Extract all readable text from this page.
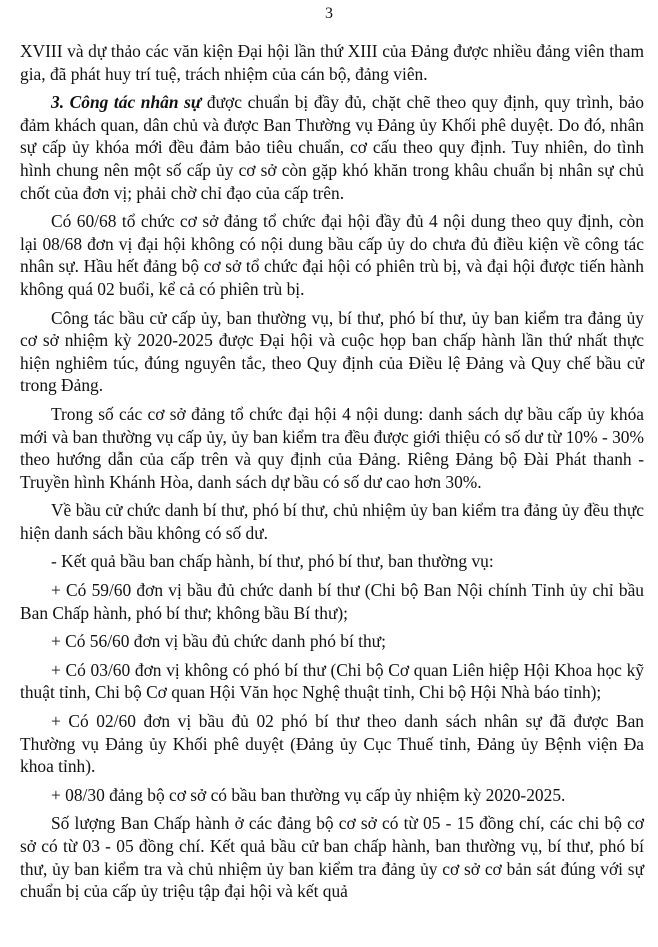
3

XVIII và dự thảo các văn kiện Đại hội lần thứ XIII của Đảng được nhiều đảng viên tham gia, đã phát huy trí tuệ, trách nhiệm của cán bộ, đảng viên.

3. Công tác nhân sự được chuẩn bị đầy đủ, chặt chẽ theo quy định, quy trình, bảo đảm khách quan, dân chủ và được Ban Thường vụ Đảng ủy Khối phê duyệt. Do đó, nhân sự cấp ủy khóa mới đều đảm bảo tiêu chuẩn, cơ cấu theo quy định. Tuy nhiên, do tình hình chung nên một số cấp ủy cơ sở còn gặp khó khăn trong khâu chuẩn bị nhân sự chủ chốt của đơn vị; phải chờ chỉ đạo của cấp trên.

Có 60/68 tổ chức cơ sở đảng tổ chức đại hội đầy đủ 4 nội dung theo quy định, còn lại 08/68 đơn vị đại hội không có nội dung bầu cấp ủy do chưa đủ điều kiện về công tác nhân sự. Hầu hết đảng bộ cơ sở tổ chức đại hội có phiên trù bị, và đại hội được tiến hành không quá 02 buổi, kể cả có phiên trù bị.

Công tác bầu cử cấp ủy, ban thường vụ, bí thư, phó bí thư, ủy ban kiểm tra đảng ủy cơ sở nhiệm kỳ 2020-2025 được Đại hội và cuộc họp ban chấp hành lần thứ nhất thực hiện nghiêm túc, đúng nguyên tắc, theo Quy định của Điều lệ Đảng và Quy chế bầu cử trong Đảng.

Trong số các cơ sở đảng tổ chức đại hội 4 nội dung: danh sách dự bầu cấp ủy khóa mới và ban thường vụ cấp ủy, ủy ban kiểm tra đều được giới thiệu có số dư từ 10% - 30% theo hướng dẫn của cấp trên và quy định của Đảng. Riêng Đảng bộ Đài Phát thanh - Truyền hình Khánh Hòa, danh sách dự bầu có số dư cao hơn 30%.

Về bầu cử chức danh bí thư, phó bí thư, chủ nhiệm ủy ban kiểm tra đảng ủy đều thực hiện danh sách bầu không có số dư.

- Kết quả bầu ban chấp hành, bí thư, phó bí thư, ban thường vụ:

+ Có 59/60 đơn vị bầu đủ chức danh bí thư (Chi bộ Ban Nội chính Tỉnh ủy chỉ bầu Ban Chấp hành, phó bí thư; không bầu Bí thư);

+ Có 56/60 đơn vị bầu đủ chức danh phó bí thư;

+ Có 03/60 đơn vị không có phó bí thư (Chi bộ Cơ quan Liên hiệp Hội Khoa học kỹ thuật tỉnh, Chi bộ Cơ quan Hội Văn học Nghệ thuật tỉnh, Chi bộ Hội Nhà báo tỉnh);

+ Có 02/60 đơn vị bầu đủ 02 phó bí thư theo danh sách nhân sự đã được Ban Thường vụ Đảng ủy Khối phê duyệt (Đảng ủy Cục Thuế tỉnh, Đảng ủy Bệnh viện Đa khoa tỉnh).

+ 08/30 đảng bộ cơ sở có bầu ban thường vụ cấp ủy nhiệm kỳ 2020-2025.

Số lượng Ban Chấp hành ở các đảng bộ cơ sở có từ 05 - 15 đồng chí, các chi bộ cơ sở có từ 03 - 05 đồng chí. Kết quả bầu cử ban chấp hành, ban thường vụ, bí thư, phó bí thư, ủy ban kiểm tra và chủ nhiệm ủy ban kiểm tra đảng ủy cơ sở cơ bản sát đúng với sự chuẩn bị của cấp ủy triệu tập đại hội và kết quả
